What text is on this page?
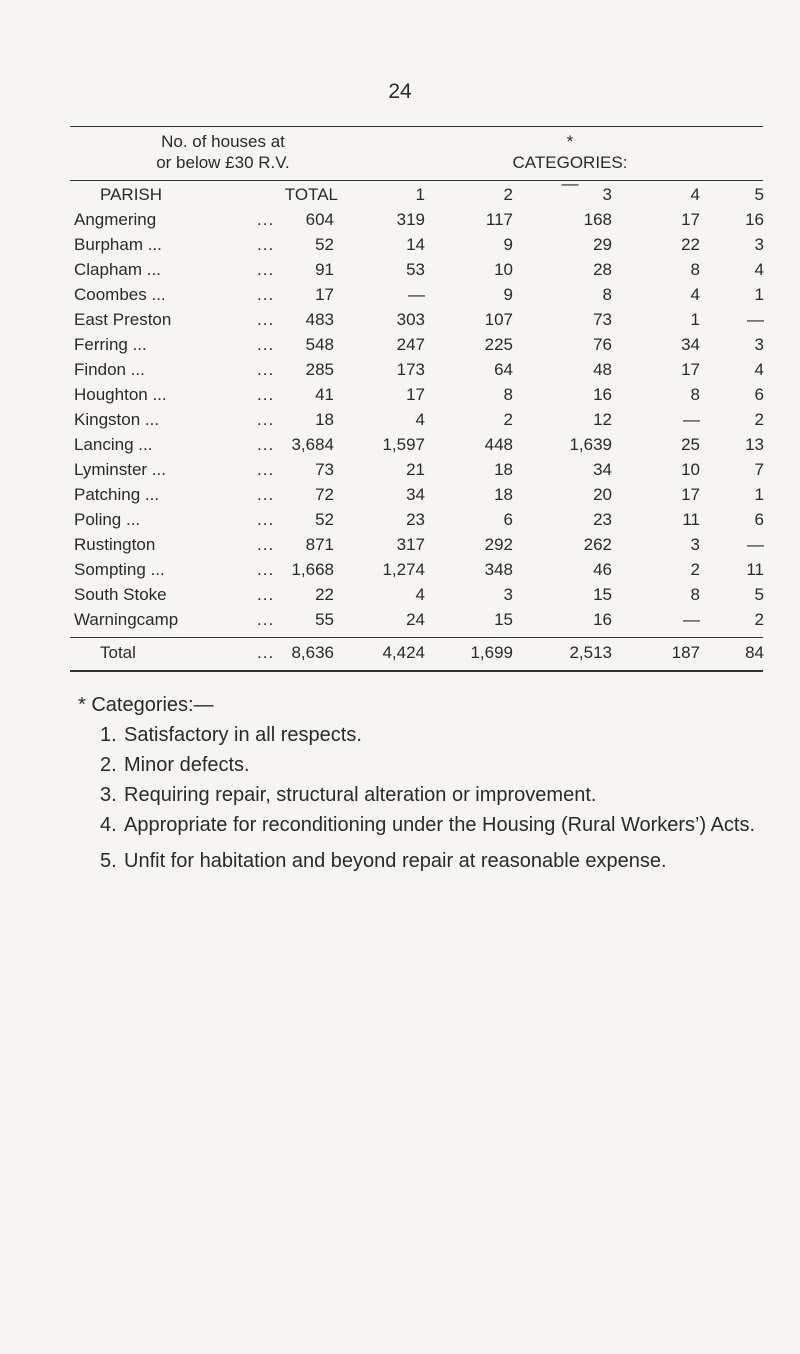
24
No. of houses at
or below £30 R.V.
*
CATEGORIES:—
PARISH	TOTAL	1	2	3	4	5
Angmering	... 604	319	117	168	17	16
Burpham ...	... 52	14	9	29	22	3
Clapham ...	... 91	53	10	28	8	4
Coombes ...	... 17	—	9	8	4	1
East Preston	... 483	303	107	73	1	—
Ferring ...	... 548	247	225	76	34	3
Findon ...	... 285	173	64	48	17	4
Houghton ...	... 41	17	8	16	8	6
Kingston ...	... 18	4	2	12	—	2
Lancing ...	... 3,684	1,597	448	1,639	25	13
Lyminster ...	... 73	21	18	34	10	7
Patching ...	... 72	34	18	20	17	1
Poling ...	... 52	23	6	23	11	6
Rustington	... 871	317	292	262	3	—
Sompting ...	... 1,668	1,274	348	46	2	11
South Stoke	... 22	4	3	15	8	5
Warningcamp	... 55	24	15	16	—	2
Total	... 8,636	4,424	1,699	2,513	187	84
* Categories:—
1. Satisfactory in all respects.
2. Minor defects.
3. Requiring repair, structural alteration or improvement.
4. Appropriate for reconditioning under the Housing (Rural Workers’) Acts.
5. Unfit for habitation and beyond repair at reasonable expense.
